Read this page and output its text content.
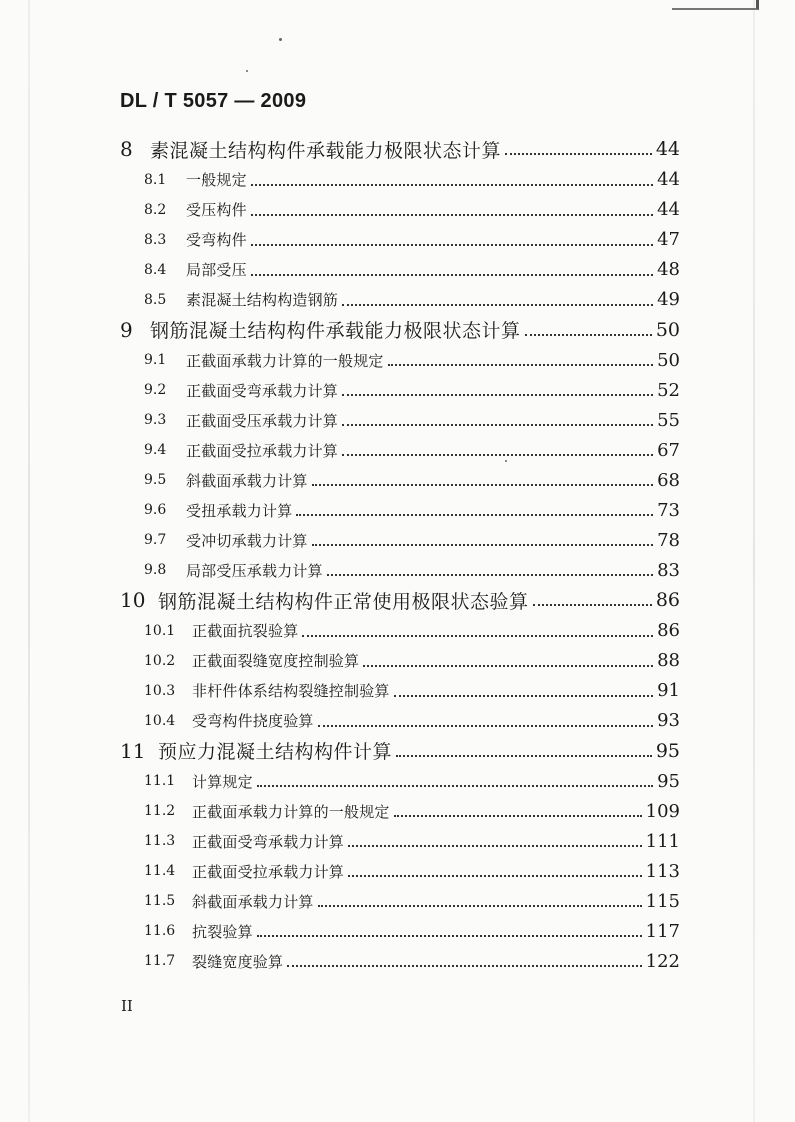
DL / T 5057 — 2009
8 素混凝土结构构件承载能力极限状态计算	44
8.1	一般规定	44
8.2	受压构件	44
8.3	受弯构件	47
8.4	局部受压	48
8.5	素混凝土结构构造钢筋	49
9 钢筋混凝土结构构件承载能力极限状态计算	50
9.1	正截面承载力计算的一般规定	50
9.2	正截面受弯承载力计算	52
9.3	正截面受压承载力计算	55
9.4	正截面受拉承载力计算	67
9.5	斜截面承载力计算	68
9.6	受扭承载力计算	73
9.7	受冲切承载力计算	78
9.8	局部受压承载力计算	83
10 钢筋混凝土结构构件正常使用极限状态验算	86
10.1	正截面抗裂验算	86
10.2	正截面裂缝宽度控制验算	88
10.3	非杆件体系结构裂缝控制验算	91
10.4	受弯构件挠度验算	93
11 预应力混凝土结构构件计算	95
11.1	计算规定	95
11.2	正截面承载力计算的一般规定	109
11.3	正截面受弯承载力计算	111
11.4	正截面受拉承载力计算	113
11.5	斜截面承载力计算	115
11.6	抗裂验算	117
11.7	裂缝宽度验算	122
II
